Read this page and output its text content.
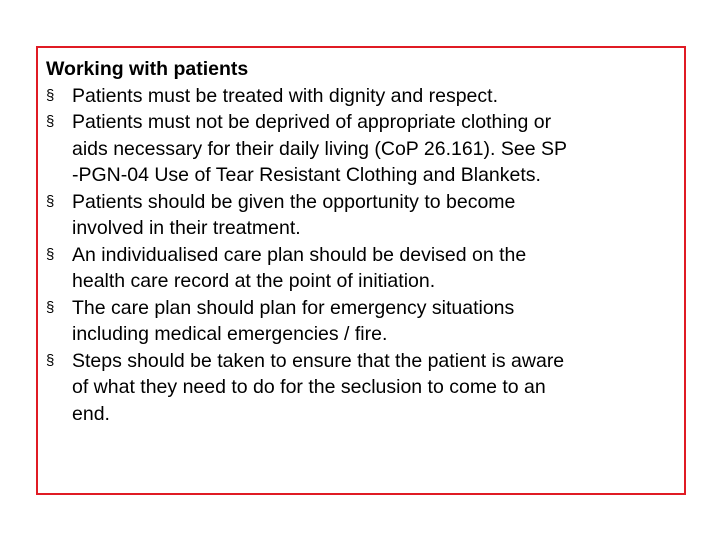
Working with patients

§ Patients must be treated with dignity and respect.
§ Patients must not be deprived of appropriate clothing or
aids necessary for their daily living (CoP 26.161). See SP
-PGN-04 Use of Tear Resistant Clothing and Blankets.
§ Patients should be given the opportunity to become
involved in their treatment.
§ An individualised care plan should be devised on the
health care record at the point of initiation.
§ The care plan should plan for emergency situations
including medical emergencies / fire.
§ Steps should be taken to ensure that the patient is aware
of what they need to do for the seclusion to come to an
end.
